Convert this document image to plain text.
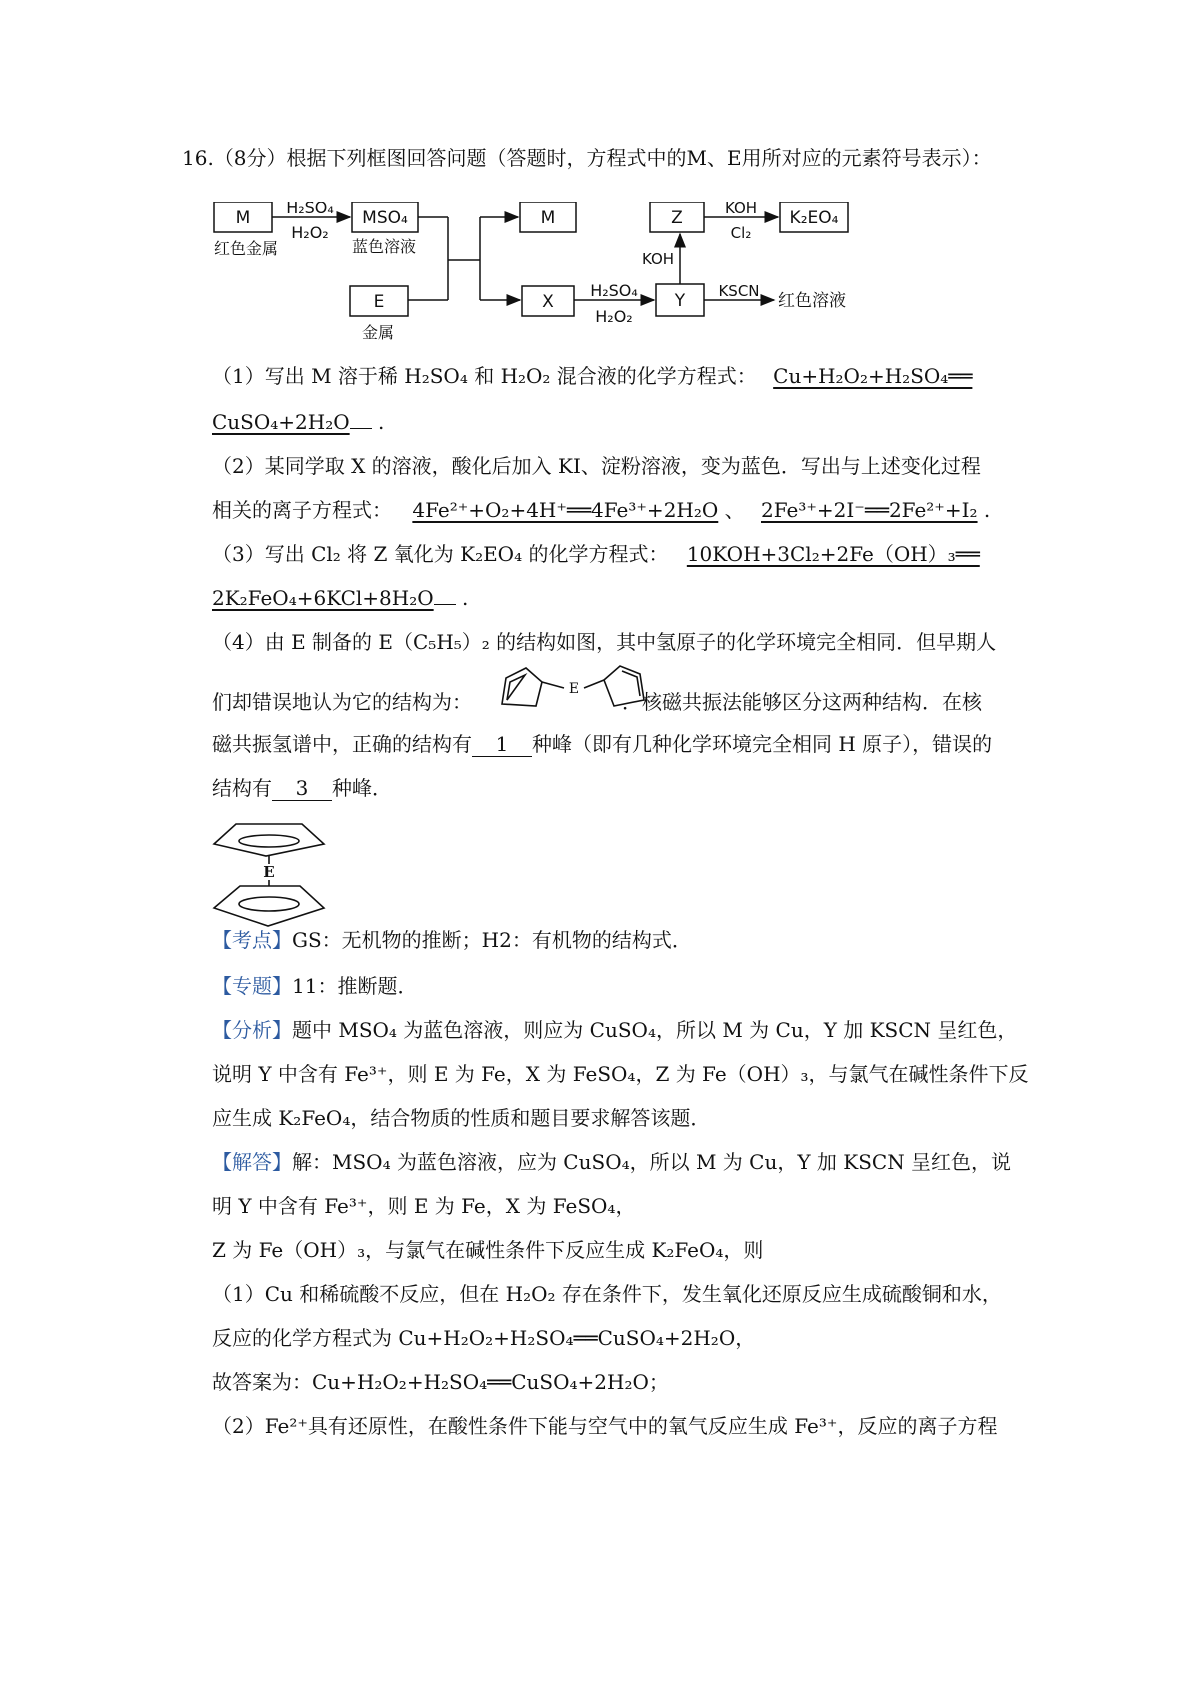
16.（8分）根据下列框图回答问题（答题时，方程式中的M、E用所对应的元素符号表示）：
M	MSO₄
E
M
X	Y
Z	K₂EO₄
H₂SO₄
H₂O₂
H₂SO₄
H₂O₂
KSCN
KOH
KOH
Cl₂
红色金属	蓝色溶液
金属
红色溶液
（1）写出 M 溶于稀 H₂SO₄ 和 H₂O₂ 混合液的化学方程式： Cu+H₂O₂+H₂SO₄══
CuSO₄+2H₂O .
（2）某同学取 X 的溶液，酸化后加入 KI、淀粉溶液，变为蓝色．写出与上述变化过程
相关的离子方程式： 4Fe²⁺+O₂+4H⁺══4Fe³⁺+2H₂O 、 2Fe³⁺+2I⁻══2Fe²⁺+I₂ .
（3）写出 Cl₂ 将 Z 氧化为 K₂EO₄ 的化学方程式： 10KOH+3Cl₂+2Fe（OH）₃══
2K₂FeO₄+6KCl+8H₂O .
（4）由 E 制备的 E（C₅H₅）₂ 的结构如图，其中氢原子的化学环境完全相同．但早期人
们却错误地认为它的结构为：	．核磁共振法能够区分这两种结构．在核
E
磁共振氢谱中，正确的结构有 1 种峰（即有几种化学环境完全相同 H 原子），错误的
结构有 3 种峰．
E
【考点】GS：无机物的推断；H2：有机物的结构式．
【专题】11：推断题．
【分析】题中 MSO₄ 为蓝色溶液，则应为 CuSO₄，所以 M 为 Cu，Y 加 KSCN 呈红色，
说明 Y 中含有 Fe³⁺，则 E 为 Fe，X 为 FeSO₄，Z 为 Fe（OH）₃，与氯气在碱性条件下反
应生成 K₂FeO₄，结合物质的性质和题目要求解答该题．
【解答】解：MSO₄ 为蓝色溶液，应为 CuSO₄，所以 M 为 Cu，Y 加 KSCN 呈红色，说
明 Y 中含有 Fe³⁺，则 E 为 Fe，X 为 FeSO₄，
Z 为 Fe（OH）₃，与氯气在碱性条件下反应生成 K₂FeO₄，则
（1）Cu 和稀硫酸不反应，但在 H₂O₂ 存在条件下，发生氧化还原反应生成硫酸铜和水，
反应的化学方程式为 Cu+H₂O₂+H₂SO₄══CuSO₄+2H₂O，
故答案为：Cu+H₂O₂+H₂SO₄══CuSO₄+2H₂O；
（2）Fe²⁺具有还原性，在酸性条件下能与空气中的氧气反应生成 Fe³⁺，反应的离子方程
